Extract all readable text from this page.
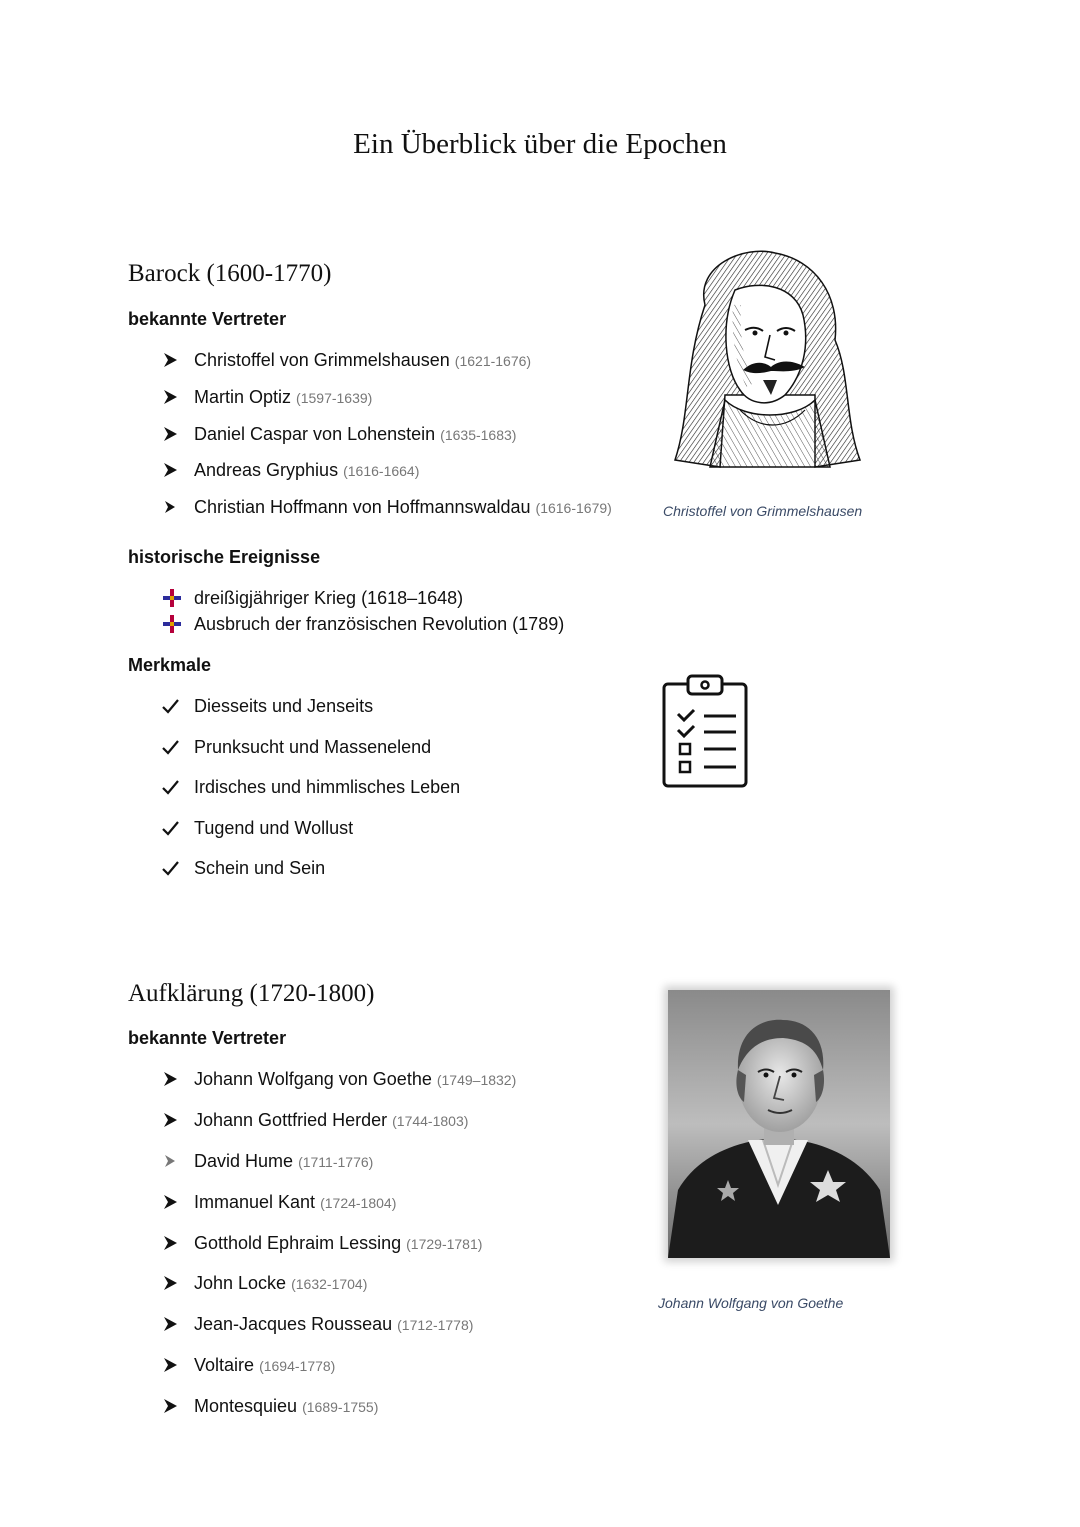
Ein Überblick über die Epochen
Barock (1600-1770)
bekannte Vertreter
Christoffel von Grimmelshausen (1621-1676)
Martin Optiz (1597-1639)
Daniel Caspar von Lohenstein (1635-1683)
Andreas Gryphius (1616-1664)
Christian Hoffmann von Hoffmannswaldau (1616-1679)
historische Ereignisse
dreißigjähriger Krieg (1618–1648)
Ausbruch der französischen Revolution (1789)
Merkmale
Diesseits und Jenseits
Prunksucht und Massenelend
Irdisches und himmlisches Leben
Tugend und Wollust
Schein und Sein
Christoffel von Grimmelshausen
Aufklärung (1720-1800)
bekannte Vertreter
Johann Wolfgang von Goethe (1749–1832)
Johann Gottfried Herder (1744-1803)
David Hume (1711-1776)
Immanuel Kant (1724-1804)
Gotthold Ephraim Lessing (1729-1781)
John Locke (1632-1704)
Jean-Jacques Rousseau (1712-1778)
Voltaire (1694-1778)
Montesquieu (1689-1755)
Johann Wolfgang von Goethe
